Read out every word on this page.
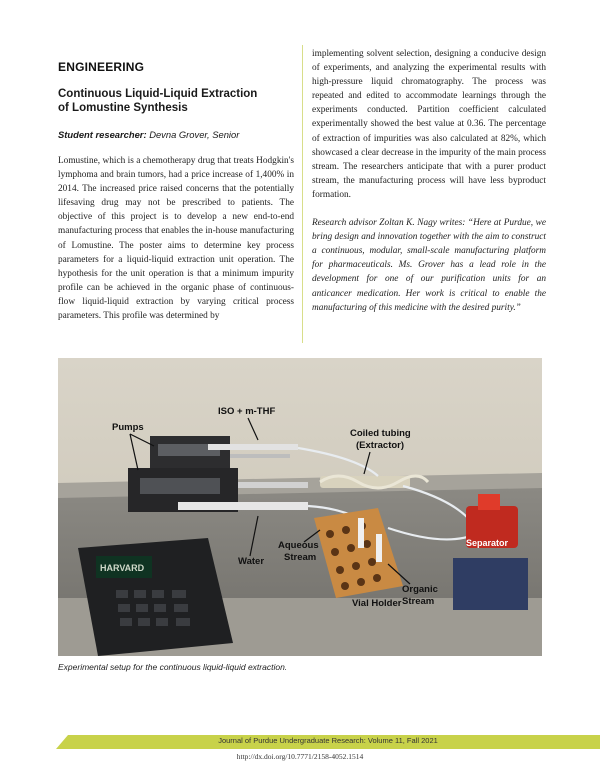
ENGINEERING
Continuous Liquid-Liquid Extraction
of Lomustine Synthesis
Student researcher: Devna Grover, Senior

Lomustine, which is a chemotherapy drug that treats Hodgkin's lymphoma and brain tumors, had a price increase of 1,400% in 2014. The increased price raised concerns that the potentially lifesaving drug may not be prescribed to patients. The objective of this project is to develop a new end-to-end manufacturing process that enables the in-house manufacturing of Lomustine. The poster aims to determine key process parameters for a liquid-liquid extraction unit operation. The hypothesis for the unit operation is that a minimum impurity profile can be achieved in the organic phase of continuous-flow liquid-liquid extraction by varying critical process parameters. This profile was determined by

implementing solvent selection, designing a conducive design of experiments, and analyzing the experimental results with high-pressure liquid chromatography. The process was repeated and edited to accommodate learnings through the experiments conducted. Partition coefficient calculated experimentally showed the best value at 0.36. The percentage of extraction of impurities was also calculated at 82%, which showcased a clear decrease in the impurity of the main process stream. The researchers anticipate that with a purer product stream, the manufacturing process will have less byproduct formation.

Research advisor Zoltan K. Nagy writes: “Here at Purdue, we bring design and innovation together with the aim to construct a continuous, modular, small-scale manufacturing platform for pharmaceuticals. Ms. Grover has a lead role in the development for one of our purification units for an anticancer medication. Her work is critical to enable the manufacturing of this medicine with the desired purity.”

HARVARD
Separator
Pumps
ISO + m-THF
Coiled tubing
(Extractor)
Aqueous
Stream
Water
Vial Holder
Organic
Stream
Experimental setup for the continuous liquid-liquid extraction.
Journal of Purdue Undergraduate Research: Volume 11, Fall 2021
http://dx.doi.org/10.7771/2158-4052.1514
